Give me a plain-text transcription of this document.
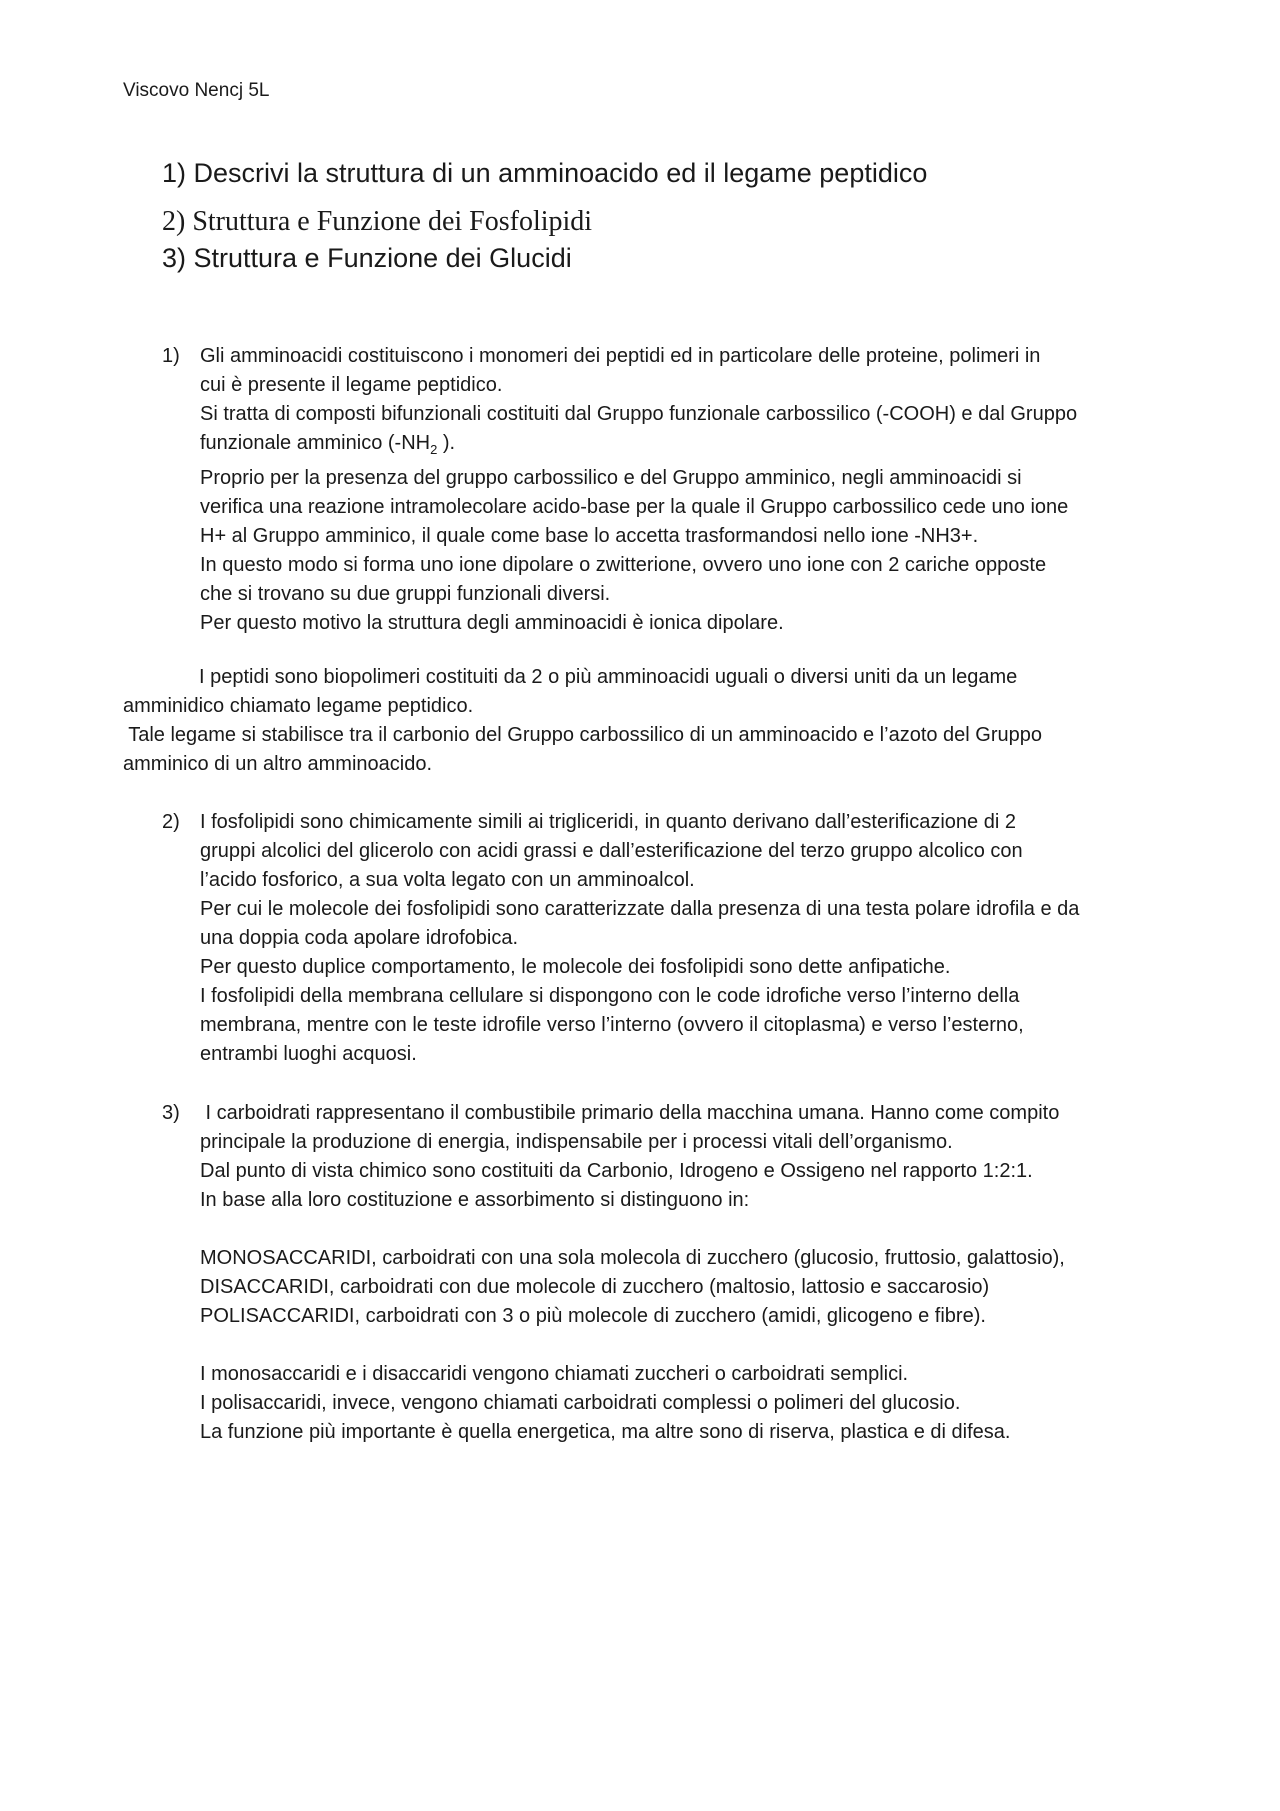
Viscovo Nencj 5L
1) Descrivi la struttura di un amminoacido ed il legame peptidico
2) Struttura e Funzione dei Fosfolipidi
3) Struttura e Funzione dei Glucidi
1) Gli amminoacidi costituiscono i monomeri dei peptidi ed in particolare delle proteine, polimeri in
cui è presente il legame peptidico.
Si tratta di composti bifunzionali costituiti dal Gruppo funzionale carbossilico (-COOH) e dal Gruppo
funzionale amminico ($-NH_2$ ).
Proprio per la presenza del gruppo carbossilico e del Gruppo amminico, negli amminoacidi si
verifica una reazione intramolecolare acido-base per la quale il Gruppo carbossilico cede uno ione
H+ al Gruppo amminico, il quale come base lo accetta trasformandosi nello ione -NH3+.
In questo modo si forma uno ione dipolare o zwitterione, ovvero uno ione con 2 cariche opposte
che si trovano su due gruppi funzionali diversi.
Per questo motivo la struttura degli amminoacidi è ionica dipolare.
I peptidi sono biopolimeri costituiti da 2 o più amminoacidi uguali o diversi uniti da un legame
amminidico chiamato legame peptidico.
Tale legame si stabilisce tra il carbonio del Gruppo carbossilico di un amminoacido e l’azoto del Gruppo
amminico di un altro amminoacido.
2) I fosfolipidi sono chimicamente simili ai trigliceridi, in quanto derivano dall’esterificazione di 2
gruppi alcolici del glicerolo con acidi grassi e dall’esterificazione del terzo gruppo alcolico con
l’acido fosforico, a sua volta legato con un amminoalcol.
Per cui le molecole dei fosfolipidi sono caratterizzate dalla presenza di una testa polare idrofila e da
una doppia coda apolare idrofobica.
Per questo duplice comportamento, le molecole dei fosfolipidi sono dette anfipatiche.
I fosfolipidi della membrana cellulare si dispongono con le code idrofiche verso l’interno della
membrana, mentre con le teste idrofile verso l’interno (ovvero il citoplasma) e verso l’esterno,
entrambi luoghi acquosi.
3) I carboidrati rappresentano il combustibile primario della macchina umana. Hanno come compito
principale la produzione di energia, indispensabile per i processi vitali dell’organismo.
Dal punto di vista chimico sono costituiti da Carbonio, Idrogeno e Ossigeno nel rapporto 1:2:1.
In base alla loro costituzione e assorbimento si distinguono in:
MONOSACCARIDI, carboidrati con una sola molecola di zucchero (glucosio, fruttosio, galattosio),
DISACCARIDI, carboidrati con due molecole di zucchero (maltosio, lattosio e saccarosio)
POLISACCARIDI, carboidrati con 3 o più molecole di zucchero (amidi, glicogeno e fibre).
I monosaccaridi e i disaccaridi vengono chiamati zuccheri o carboidrati semplici.
I polisaccaridi, invece, vengono chiamati carboidrati complessi o polimeri del glucosio.
La funzione più importante è quella energetica, ma altre sono di riserva, plastica e di difesa.
